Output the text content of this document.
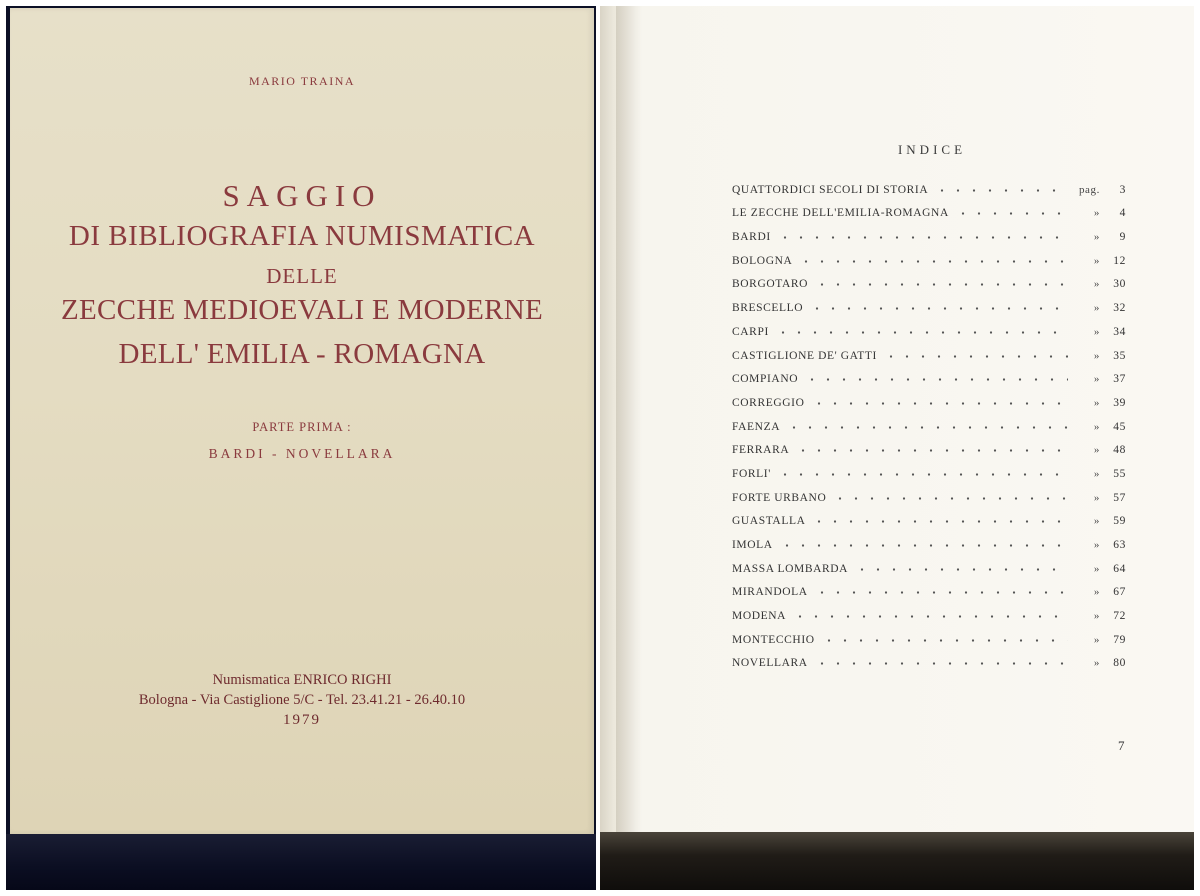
MARIO TRAINA
SAGGIO
DI BIBLIOGRAFIA NUMISMATICA
DELLE
ZECCHE MEDIOEVALI E MODERNE
DELL' EMILIA - ROMAGNA
PARTE PRIMA :
BARDI - NOVELLARA
Numismatica ENRICO RIGHI
Bologna - Via Castiglione 5/C - Tel. 23.41.21 - 26.40.10
1979
INDICE
QUATTORDICI SECOLI DI STORIA	pag.	3
LE ZECCHE DELL'EMILIA-ROMAGNA	»	4
BARDI	»	9
BOLOGNA	»	12
BORGOTARO	»	30
BRESCELLO	»	32
CARPI	»	34
CASTIGLIONE DE' GATTI	»	35
COMPIANO	»	37
CORREGGIO	»	39
FAENZA	»	45
FERRARA	»	48
FORLI'	»	55
FORTE URBANO	»	57
GUASTALLA	»	59
IMOLA	»	63
MASSA LOMBARDA	»	64
MIRANDOLA	»	67
MODENA	»	72
MONTECCHIO	»	79
NOVELLARA	»	80
7
